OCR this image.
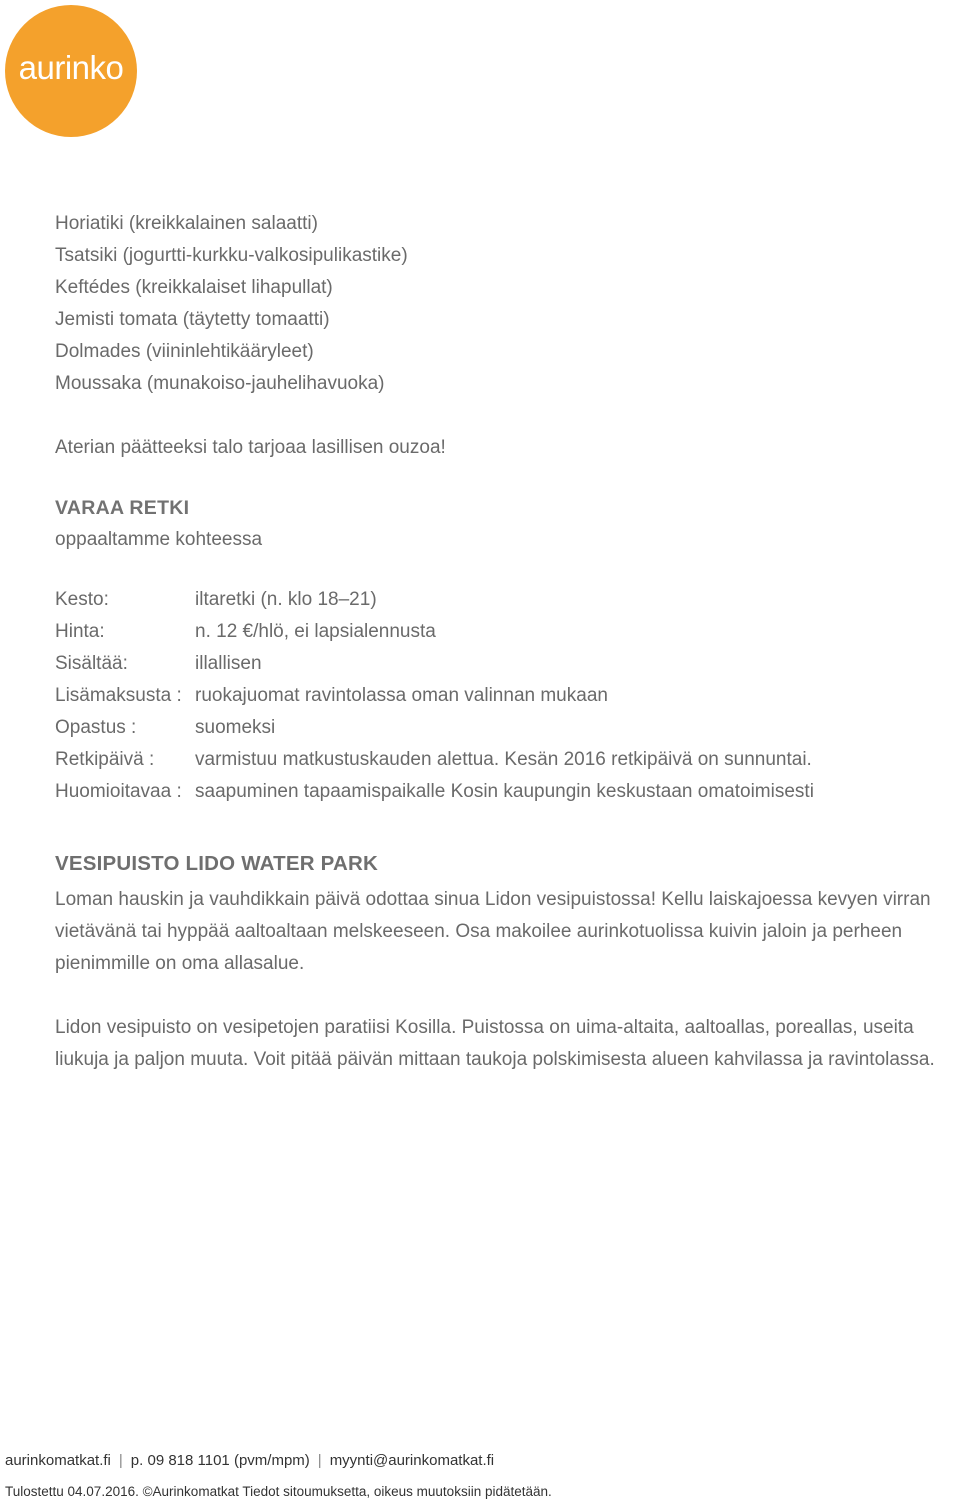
aurinko
Horiatiki (kreikkalainen salaatti)
Tsatsiki (jogurtti-kurkku-valkosipulikastike)
Keftédes (kreikkalaiset lihapullat)
Jemisti tomata (täytetty tomaatti)
Dolmades (viininlehtikääryleet)
Moussaka (munakoiso-jauhelihavuoka)
Aterian päätteeksi talo tarjoaa lasillisen ouzoa!
VARAA RETKI
oppaaltamme kohteessa
Kesto:	iltaretki (n. klo 18–21)
Hinta:	n. 12 €/hlö, ei lapsialennusta
Sisältää:	illallisen
Lisämaksusta : ruokajuomat ravintolassa oman valinnan mukaan
Opastus :	suomeksi
Retkipäivä :	varmistuu matkustuskauden alettua. Kesän 2016 retkipäivä on sunnuntai.
Huomioitavaa : saapuminen tapaamispaikalle Kosin kaupungin keskustaan omatoimisesti
VESIPUISTO LIDO WATER PARK
Loman hauskin ja vauhdikkain päivä odottaa sinua Lidon vesipuistossa! Kellu laiskajoessa kevyen virran vietävänä tai hyppää aaltoaltaan melskeeseen. Osa makoilee aurinkotuolissa kuivin jaloin ja perheen pienimmille on oma allasalue.
Lidon vesipuisto on vesipetojen paratiisi Kosilla. Puistossa on uima-altaita, aaltoallas, poreallas, useita liukuja ja paljon muuta. Voit pitää päivän mittaan taukoja polskimisesta alueen kahvilassa ja ravintolassa.
aurinkomatkat.fi | p. 09 818 1101 (pvm/mpm) | myynti@aurinkomatkat.fi
Tulostettu 04.07.2016. ©Aurinkomatkat Tiedot sitoumuksetta, oikeus muutoksiin pidätetään.
